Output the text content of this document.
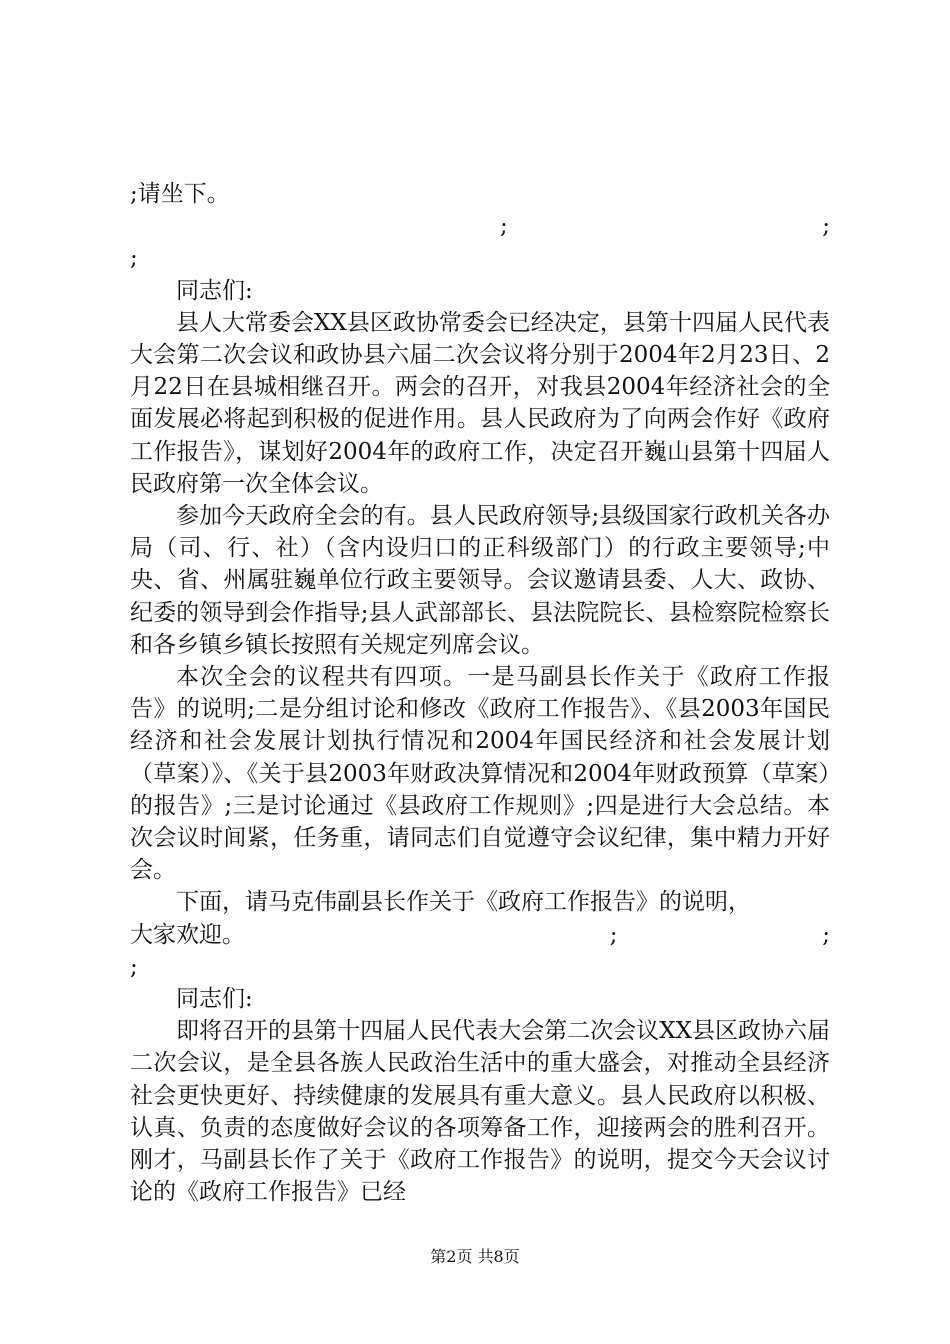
;请坐下。
;	;
;

同志们:

县人大常委会XX县区政协常委会已经决定，县第十四届人民代表大会第二次会议和政协县六届二次会议将分别于2004年2月23日、2月22日在县城相继召开。两会的召开，对我县2004年经济社会的全面发展必将起到积极的促进作用。县人民政府为了向两会作好《政府工作报告》，谋划好2004年的政府工作，决定召开巍山县第十四届人民政府第一次全体会议。

参加今天政府全会的有。县人民政府领导;县级国家行政机关各办局（司、行、社）（含内设归口的正科级部门）的行政主要领导;中央、省、州属驻巍单位行政主要领导。会议邀请县委、人大、政协、纪委的领导到会作指导;县人武部部长、县法院院长、县检察院检察长和各乡镇乡镇长按照有关规定列席会议。

本次全会的议程共有四项。一是马副县长作关于《政府工作报告》的说明;二是分组讨论和修改《政府工作报告》、《县2003年国民经济和社会发展计划执行情况和2004年国民经济和社会发展计划（草案）》、《关于县2003年财政决算情况和2004年财政预算（草案）的报告》;三是讨论通过《县政府工作规则》;四是进行大会总结。本次会议时间紧，任务重，请同志们自觉遵守会议纪律，集中精力开好会。

下面，请马克伟副县长作关于《政府工作报告》的说明，

大家欢迎。	;	;
;

同志们:

即将召开的县第十四届人民代表大会第二次会议XX县区政协六届二次会议，是全县各族人民政治生活中的重大盛会，对推动全县经济社会更快更好、持续健康的发展具有重大意义。县人民政府以积极、认真、负责的态度做好会议的各项筹备工作，迎接两会的胜利召开。刚才，马副县长作了关于《政府工作报告》的说明，提交今天会议讨论的《政府工作报告》已经

第2页 共8页
